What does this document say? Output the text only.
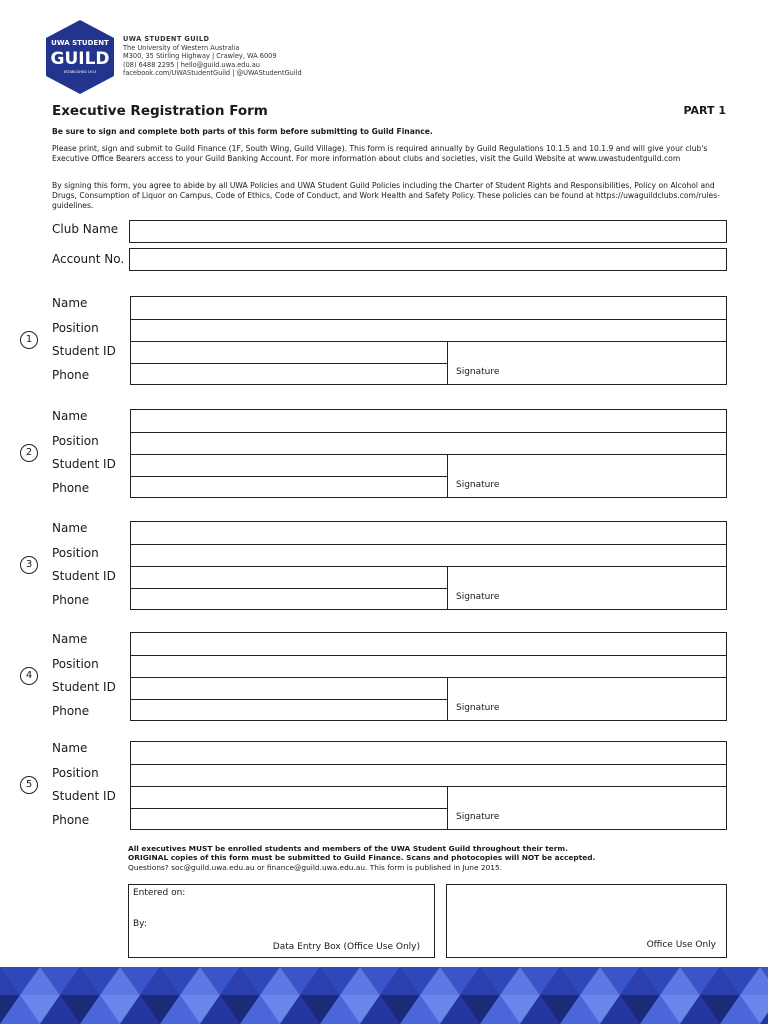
UWA STUDENT
GUILD
ESTABLISHED 1913
UWA STUDENT GUILD
The University of Western Australia
M300, 35 Stirling Highway | Crawley, WA 6009
(08) 6488 2295 | hello@guild.uwa.edu.au
facebook.com/UWAStudentGuild | @UWAStudentGuild
Executive Registration Form	PART 1
Be sure to sign and complete both parts of this form before submitting to Guild Finance.
Please print, sign and submit to Guild Finance (1F, South Wing, Guild Village). This form is required annually by Guild Regulations 10.1.5 and 10.1.9 and will give your club's Executive Office Bearers access to your Guild Banking Account. For more information about clubs and societies, visit the Guild Website at www.uwastudentguild.com
By signing this form, you agree to abide by all UWA Policies and UWA Student Guild Policies including the Charter of Student Rights and Responsibilities, Policy on Alcohol and Drugs, Consumption of Liquor on Campus, Code of Ethics, Code of Conduct, and Work Health and Safety Policy. These policies can be found at https://uwaguildclubs.com/rules-guidelines.
Club Name
Account No.
1
Name
Position
Student ID
Phone	Signature
2
Name
Position
Student ID
Phone	Signature
3
Name
Position
Student ID
Phone	Signature
4
Name
Position
Student ID
Phone	Signature
5
Name
Position
Student ID
Phone	Signature
All executives MUST be enrolled students and members of the UWA Student Guild throughout their term.
ORIGINAL copies of this form must be submitted to Guild Finance. Scans and photocopies will NOT be accepted.
Questions? soc@guild.uwa.edu.au or finance@guild.uwa.edu.au. This form is published in June 2015.
Entered on:
By:
Data Entry Box (Office Use Only)	Office Use Only
